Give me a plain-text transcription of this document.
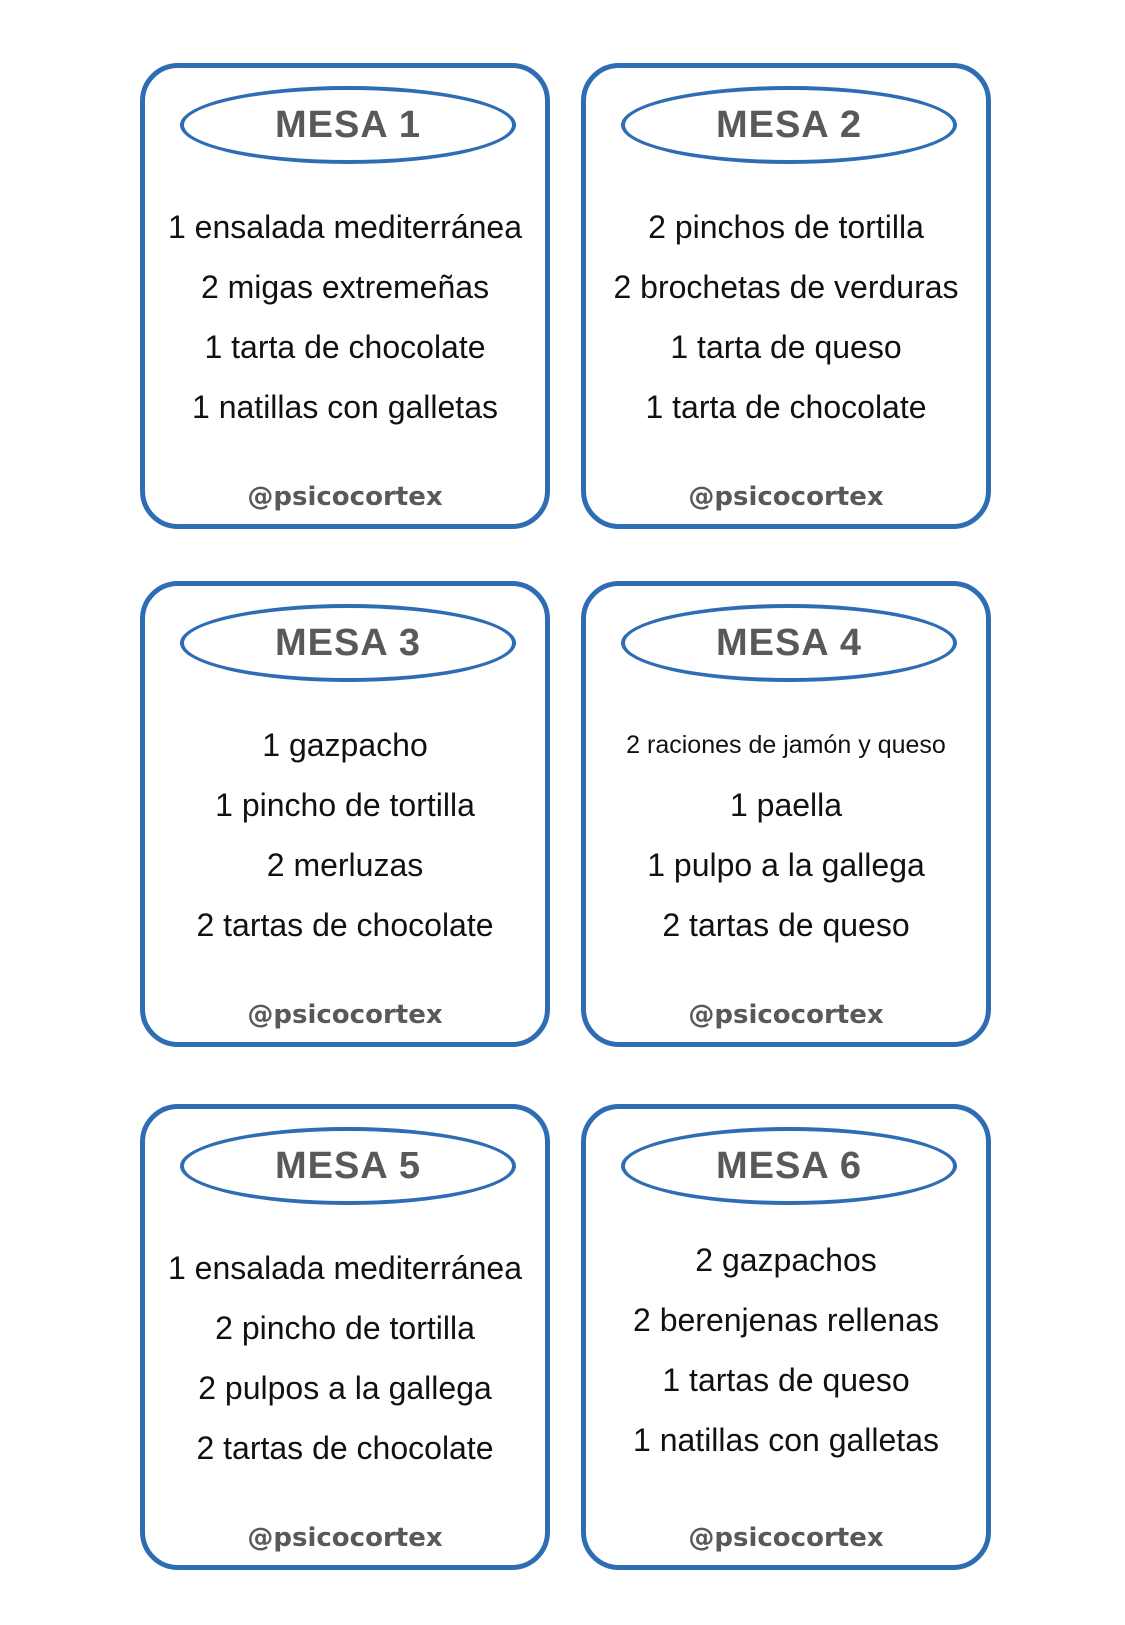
MESA 1
1 ensalada mediterránea
2 migas extremeñas
1 tarta de chocolate
1 natillas con galletas
@psicocortex
MESA 2
2 pinchos de tortilla
2 brochetas de verduras
1 tarta de queso
1 tarta de chocolate
@psicocortex
MESA 3
1 gazpacho
1 pincho de tortilla
2 merluzas
2 tartas de chocolate
@psicocortex
MESA 4
2 raciones de jamón y queso
1 paella
1 pulpo a la gallega
2 tartas de queso
@psicocortex
MESA 5
1 ensalada mediterránea
2 pincho de tortilla
2 pulpos a la gallega
2 tartas de chocolate
@psicocortex
MESA 6
2 gazpachos
2 berenjenas rellenas
1 tartas de queso
1 natillas con galletas
@psicocortex
